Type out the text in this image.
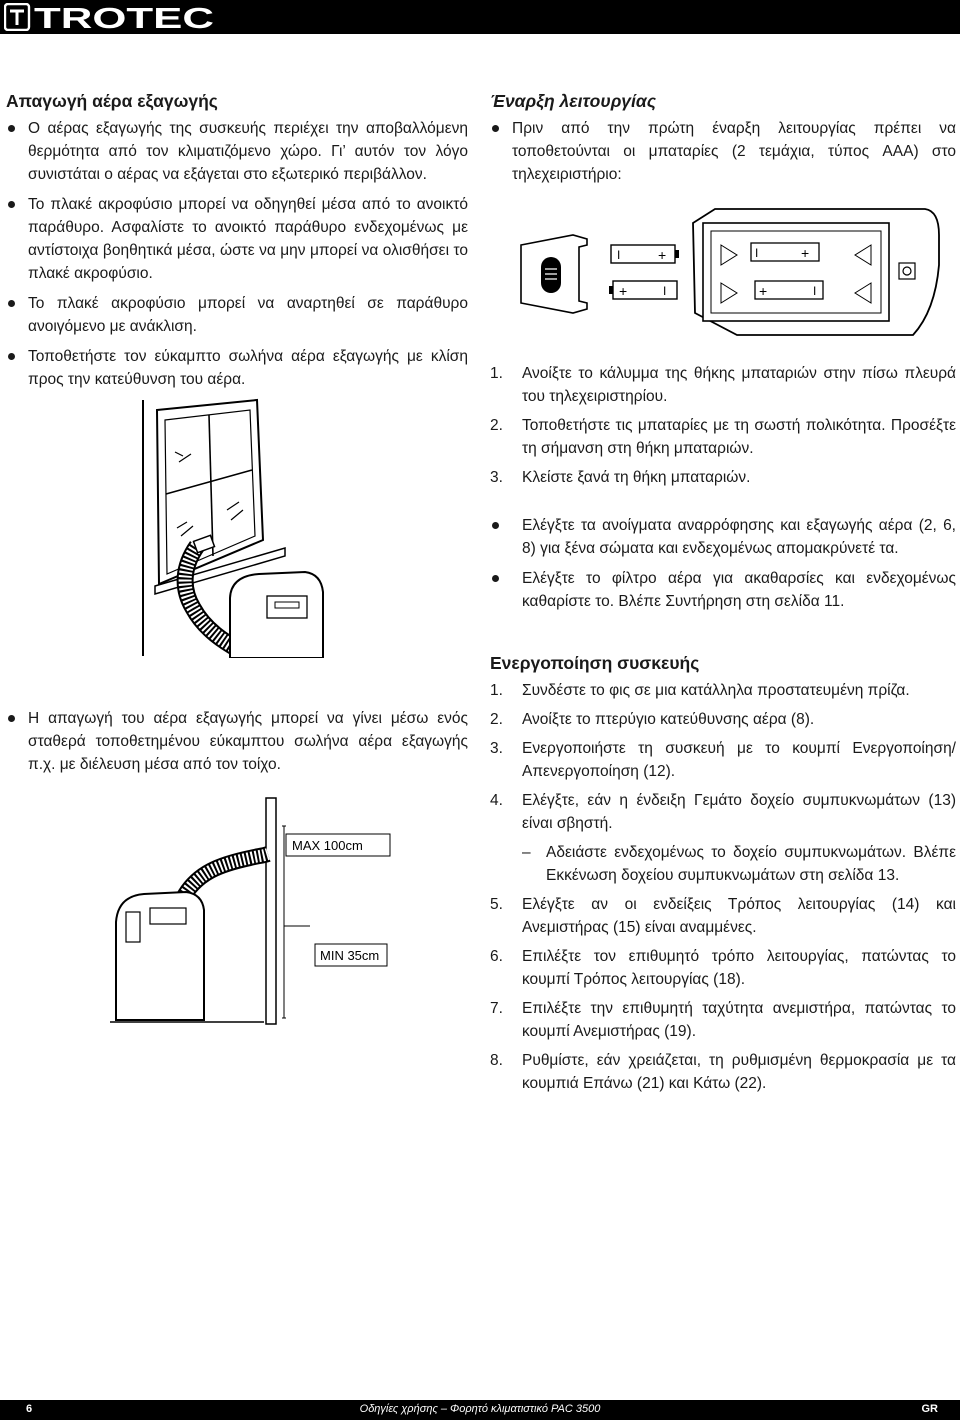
TROTEC
Απαγωγή αέρα εξαγωγής
Ο αέρας εξαγωγής της συσκευής περιέχει την αποβαλλόμενη θερμότητα από τον κλιματιζόμενο χώρο. Γι’ αυτόν τον λόγο συνιστάται ο αέρας να εξάγεται στο εξωτερικό περιβάλλον.
Το πλακέ ακροφύσιο μπορεί να οδηγηθεί μέσα από το ανοικτό παράθυρο. Ασφαλίστε το ανοικτό παράθυρο ενδεχομένως με αντίστοιχα βοηθητικά μέσα, ώστε να μην μπορεί να ολισθήσει το πλακέ ακροφύσιο.
Το πλακέ ακροφύσιο μπορεί να αναρτηθεί σε παράθυρο ανοιγόμενο με ανάκλιση.
Τοποθετήστε τον εύκαμπτο σωλήνα αέρα εξαγωγής με κλίση προς την κατεύθυνση του αέρα.
Η απαγωγή του αέρα εξαγωγής μπορεί να γίνει μέσω ενός σταθερά τοποθετημένου εύκαμπτου σωλήνα αέρα εξαγωγής π.χ. με διέλευση μέσα από τον τοίχο.
MAX 100cm
MIN 35cm
Έναρξη λειτουργίας
Πριν από την πρώτη έναρξη λειτουργίας πρέπει να τοποθετούνται οι μπαταρίες (2 τεμάχια, τύπος AAA) στο τηλεχειριστήριο:
I	+
+	I
I	+
+	I
1.	Ανοίξτε το κάλυμμα της θήκης μπαταριών στην πίσω πλευρά του τηλεχειριστηρίου.
2.	Τοποθετήστε τις μπαταρίες με τη σωστή πολικότητα. Προσέξτε τη σήμανση στη θήκη μπαταριών.
3.	Κλείστε ξανά τη θήκη μπαταριών.
Ελέγξτε τα ανοίγματα αναρρόφησης και εξαγωγής αέρα (2, 6, 8) για ξένα σώματα και ενδεχομένως απομακρύνετέ τα.
Ελέγξτε το φίλτρο αέρα για ακαθαρσίες και ενδεχομένως καθαρίστε το. Βλέπε Συντήρηση στη σελίδα 11.
Ενεργοποίηση συσκευής
1.	Συνδέστε το φις σε μια κατάλληλα προστατευμένη πρίζα.
2.	Ανοίξτε το πτερύγιο κατεύθυνσης αέρα (8).
3.	Ενεργοποιήστε τη συσκευή με το κουμπί Ενεργοποίηση/Απενεργοποίηση (12).
4.	Ελέγξτε, εάν η ένδειξη Γεμάτο δοχείο συμπυκνωμάτων (13) είναι σβηστή.
– Αδειάστε ενδεχομένως το δοχείο συμπυκνωμάτων. Βλέπε Εκκένωση δοχείου συμπυκνωμάτων στη σελίδα 13.
5.	Ελέγξτε αν οι ενδείξεις Τρόπος λειτουργίας (14) και Ανεμιστήρας (15) είναι αναμμένες.
6.	Επιλέξτε τον επιθυμητό τρόπο λειτουργίας, πατώντας το κουμπί Τρόπος λειτουργίας (18).
7.	Επιλέξτε την επιθυμητή ταχύτητα ανεμιστήρα, πατώντας το κουμπί Ανεμιστήρας (19).
8.	Ρυθμίστε, εάν χρειάζεται, τη ρυθμισμένη θερμοκρασία με τα κουμπιά Επάνω (21) και Κάτω (22).
6	Οδηγίες χρήσης – Φορητό κλιματιστικό PAC 3500	GR
